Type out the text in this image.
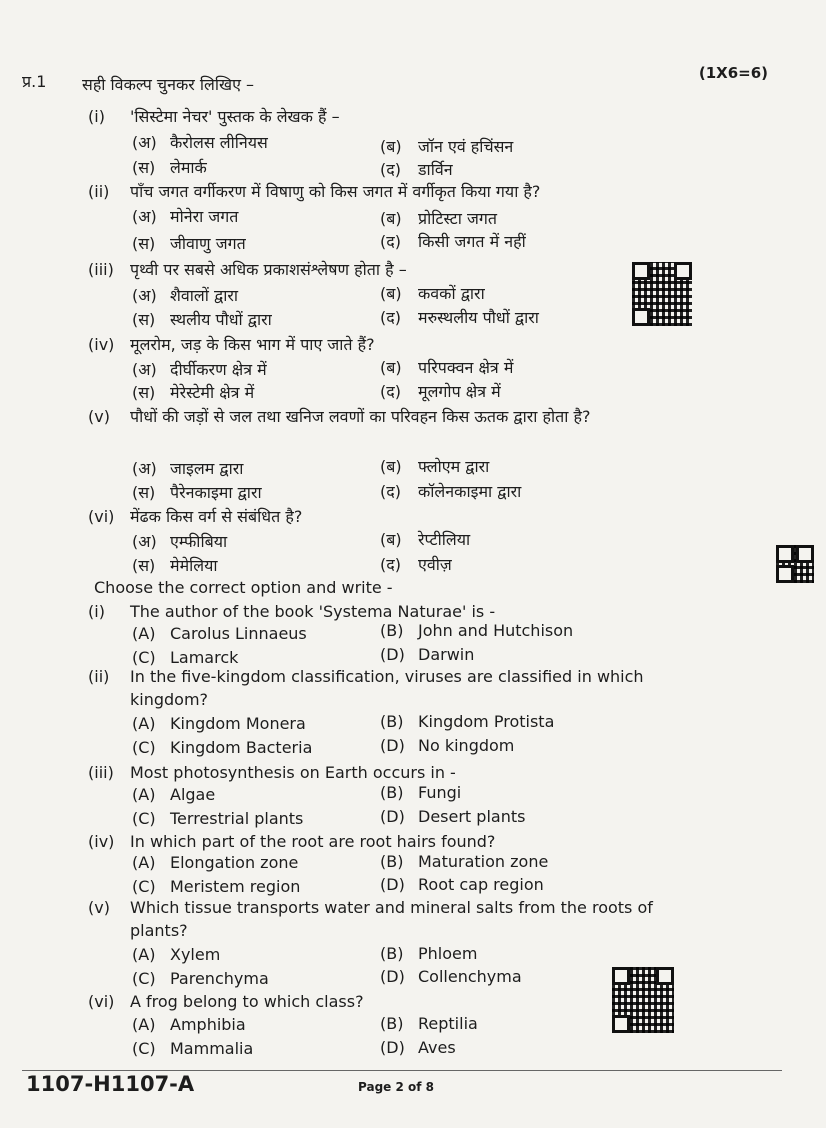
प्र.1	(1X6=6)
सही विकल्प चुनकर लिखिए –
(i) 'सिस्टेमा नेचर' पुस्तक के लेखक हैं –
(अ) कैरोलस लीनियस	(ब) जॉन एवं हचिंसन
(स) लेमार्क	(द) डार्विन
(ii) पाँच जगत वर्गीकरण में विषाणु को किस जगत में वर्गीकृत किया गया है?
(अ) मोनेरा जगत	(ब) प्रोटिस्टा जगत
(स) जीवाणु जगत	(द) किसी जगत में नहीं
(iii) पृथ्वी पर सबसे अधिक प्रकाशसंश्लेषण होता है –
(अ) शैवालों द्वारा	(ब) कवकों द्वारा
(स) स्थलीय पौधों द्वारा	(द) मरुस्थलीय पौधों द्वारा
(iv) मूलरोम, जड़ के किस भाग में पाए जाते हैं?
(अ) दीर्घीकरण क्षेत्र में	(ब) परिपक्वन क्षेत्र में
(स) मेरेस्टेमी क्षेत्र में	(द) मूलगोप क्षेत्र में
(v) पौधों की जड़ों से जल तथा खनिज लवणों का परिवहन किस ऊतक द्वारा होता है?
(अ) जाइलम द्वारा	(ब) फ्लोएम द्वारा
(स) पैरेनकाइमा द्वारा	(द) कॉलेनकाइमा द्वारा
(vi) मेंढक किस वर्ग से संबंधित है?
(अ) एम्फीबिया	(ब) रेप्टीलिया
(स) मेमेलिया	(द) एवीज़
Choose the correct option and write -
(i) The author of the book 'Systema Naturae' is -
(A) Carolus Linnaeus	(B) John and Hutchison
(C) Lamarck	(D) Darwin
(ii) In the five-kingdom classification, viruses are classified in which kingdom?
(A) Kingdom Monera	(B) Kingdom Protista
(C) Kingdom Bacteria	(D) No kingdom
(iii) Most photosynthesis on Earth occurs in -
(A) Algae	(B) Fungi
(C) Terrestrial plants	(D) Desert plants
(iv) In which part of the root are root hairs found?
(A) Elongation zone	(B) Maturation zone
(C) Meristem region	(D) Root cap region
(v) Which tissue transports water and mineral salts from the roots of plants?
(A) Xylem	(B) Phloem
(C) Parenchyma	(D) Collenchyma
(vi) A frog belong to which class?
(A) Amphibia	(B) Reptilia
(C) Mammalia	(D) Aves
1107-H1107-A	Page 2 of 8
